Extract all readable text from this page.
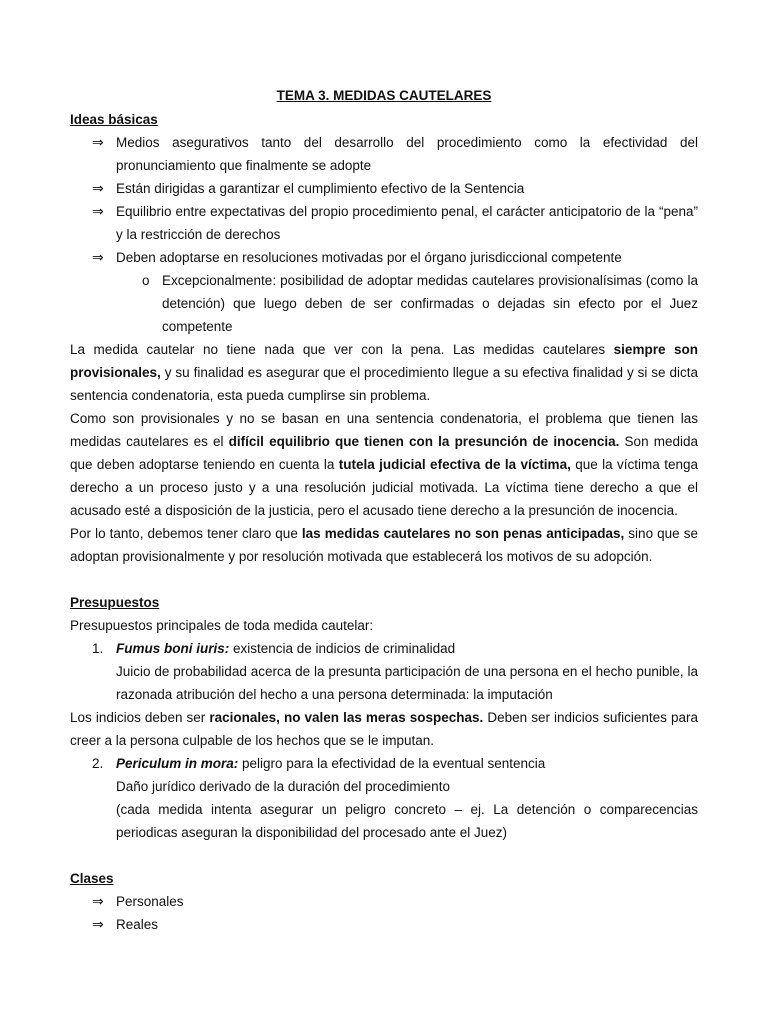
TEMA 3. MEDIDAS CAUTELARES
Ideas básicas
⇒ Medios asegurativos tanto del desarrollo del procedimiento como la efectividad del pronunciamiento que finalmente se adopte
⇒ Están dirigidas a garantizar el cumplimiento efectivo de la Sentencia
⇒ Equilibrio entre expectativas del propio procedimiento penal, el carácter anticipatorio de la “pena” y la restricción de derechos
⇒ Deben adoptarse en resoluciones motivadas por el órgano jurisdiccional competente
o Excepcionalmente: posibilidad de adoptar medidas cautelares provisionalísimas (como la detención) que luego deben de ser confirmadas o dejadas sin efecto por el Juez competente
La medida cautelar no tiene nada que ver con la pena. Las medidas cautelares siempre son provisionales, y su finalidad es asegurar que el procedimiento llegue a su efectiva finalidad y si se dicta sentencia condenatoria, esta pueda cumplirse sin problema.
Como son provisionales y no se basan en una sentencia condenatoria, el problema que tienen las medidas cautelares es el difícil equilibrio que tienen con la presunción de inocencia. Son medida que deben adoptarse teniendo en cuenta la tutela judicial efectiva de la víctima, que la víctima tenga derecho a un proceso justo y a una resolución judicial motivada. La víctima tiene derecho a que el acusado esté a disposición de la justicia, pero el acusado tiene derecho a la presunción de inocencia.
Por lo tanto, debemos tener claro que las medidas cautelares no son penas anticipadas, sino que se adoptan provisionalmente y por resolución motivada que establecerá los motivos de su adopción.
Presupuestos
Presupuestos principales de toda medida cautelar:
1. Fumus boni iuris: existencia de indicios de criminalidad
Juicio de probabilidad acerca de la presunta participación de una persona en el hecho punible, la razonada atribución del hecho a una persona determinada: la imputación
Los indicios deben ser racionales, no valen las meras sospechas. Deben ser indicios suficientes para creer a la persona culpable de los hechos que se le imputan.
2. Periculum in mora: peligro para la efectividad de la eventual sentencia
Daño jurídico derivado de la duración del procedimiento
(cada medida intenta asegurar un peligro concreto – ej. La detención o comparecencias periodicas aseguran la disponibilidad del procesado ante el Juez)
Clases
⇒ Personales
⇒ Reales
